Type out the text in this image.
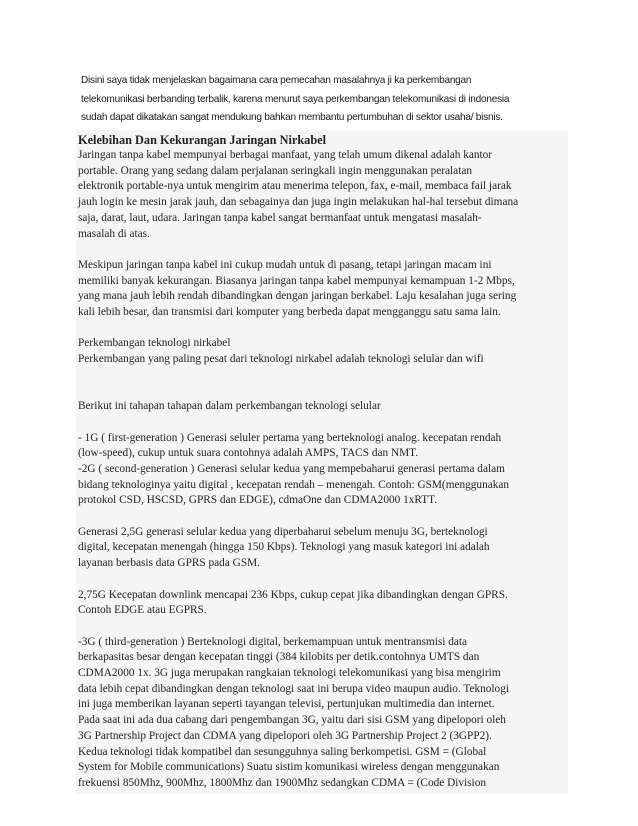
Disini saya tidak menjelaskan bagaimana cara pemecahan masalahnya ji ka perkembangan
telekomunikasi berbanding terbalik, karena menurut saya perkembangan telekomunikasi di indonesia
sudah dapat dikatakan sangat mendukung bahkan membantu pertumbuhan di sektor usaha/ bisnis.
Kelebihan Dan Kekurangan Jaringan Nirkabel

Jaringan tanpa kabel mempunyai berbagai manfaat, yang telah umum dikenal adalah kantor
portable. Orang yang sedang dalam perjalanan seringkali ingin menggunakan peralatan
elektronik portable-nya untuk mengirim atau menerima telepon, fax, e-mail, membaca fail jarak
jauh login ke mesin jarak jauh, dan sebagainya dan juga ingin melakukan hal-hal tersebut dimana
saja, darat, laut, udara. Jaringan tanpa kabel sangat bermanfaat untuk mengatasi masalah-
masalah di atas.

Meskipun jaringan tanpa kabel ini cukup mudah untuk di pasang, tetapi jaringan macam ini
memiliki banyak kekurangan. Biasanya jaringan tanpa kabel mempunyai kemampuan 1-2 Mbps,
yang mana jauh lebih rendah dibandingkan dengan jaringan berkabel. Laju kesalahan juga sering
kali lebih besar, dan transmisi dari komputer yang berbeda dapat mengganggu satu sama lain.

Perkembangan teknologi nirkabel
Perkembangan yang paling pesat dari teknologi nirkabel adalah teknologi selular dan wifi

Berikut ini tahapan tahapan dalam perkembangan teknologi selular

- 1G ( first-generation ) Generasi seluler pertama yang berteknologi analog. kecepatan rendah
(low-speed), cukup untuk suara contohnya adalah AMPS, TACS dan NMT.
-2G ( second-generation ) Generasi selular kedua yang mempebaharui generasi pertama dalam
bidang teknologinya yaitu digital , kecepatan rendah – menengah. Contoh: GSM(menggunakan
protokol CSD, HSCSD, GPRS dan EDGE), cdmaOne dan CDMA2000 1xRTT.

Generasi 2,5G generasi selular kedua yang diperbaharui sebelum menuju 3G, berteknologi
digital, kecepatan menengah (hingga 150 Kbps). Teknologi yang masuk kategori ini adalah
layanan berbasis data GPRS pada GSM.

2,75G Kecepatan downlink mencapai 236 Kbps, cukup cepat jika dibandingkan dengan GPRS.
Contoh EDGE atau EGPRS.

-3G ( third-generation ) Berteknologi digital, berkemampuan untuk mentransmisi data
berkapasitas besar dengan kecepatan tinggi (384 kilobits per detik.contohnya UMTS dan
CDMA2000 1x. 3G juga merupakan rangkaian teknologi telekomunikasi yang bisa mengirim
data lebih cepat dibandingkan dengan teknologi saat ini berupa video maupun audio. Teknologi
ini juga memberikan layanan seperti tayangan televisi, pertunjukan multimedia dan internet.
Pada saat ini ada dua cabang dari pengembangan 3G, yaitu dari sisi GSM yang dipelopori oleh
3G Partnership Project dan CDMA yang dipelopori oleh 3G Partnership Project 2 (3GPP2).
Kedua teknologi tidak kompatibel dan sesungguhnya saling berkompetisi. GSM = (Global
System for Mobile communications) Suatu sistim komunikasi wireless dengan menggunakan
frekuensi 850Mhz, 900Mhz, 1800Mhz dan 1900Mhz sedangkan CDMA = (Code Division
